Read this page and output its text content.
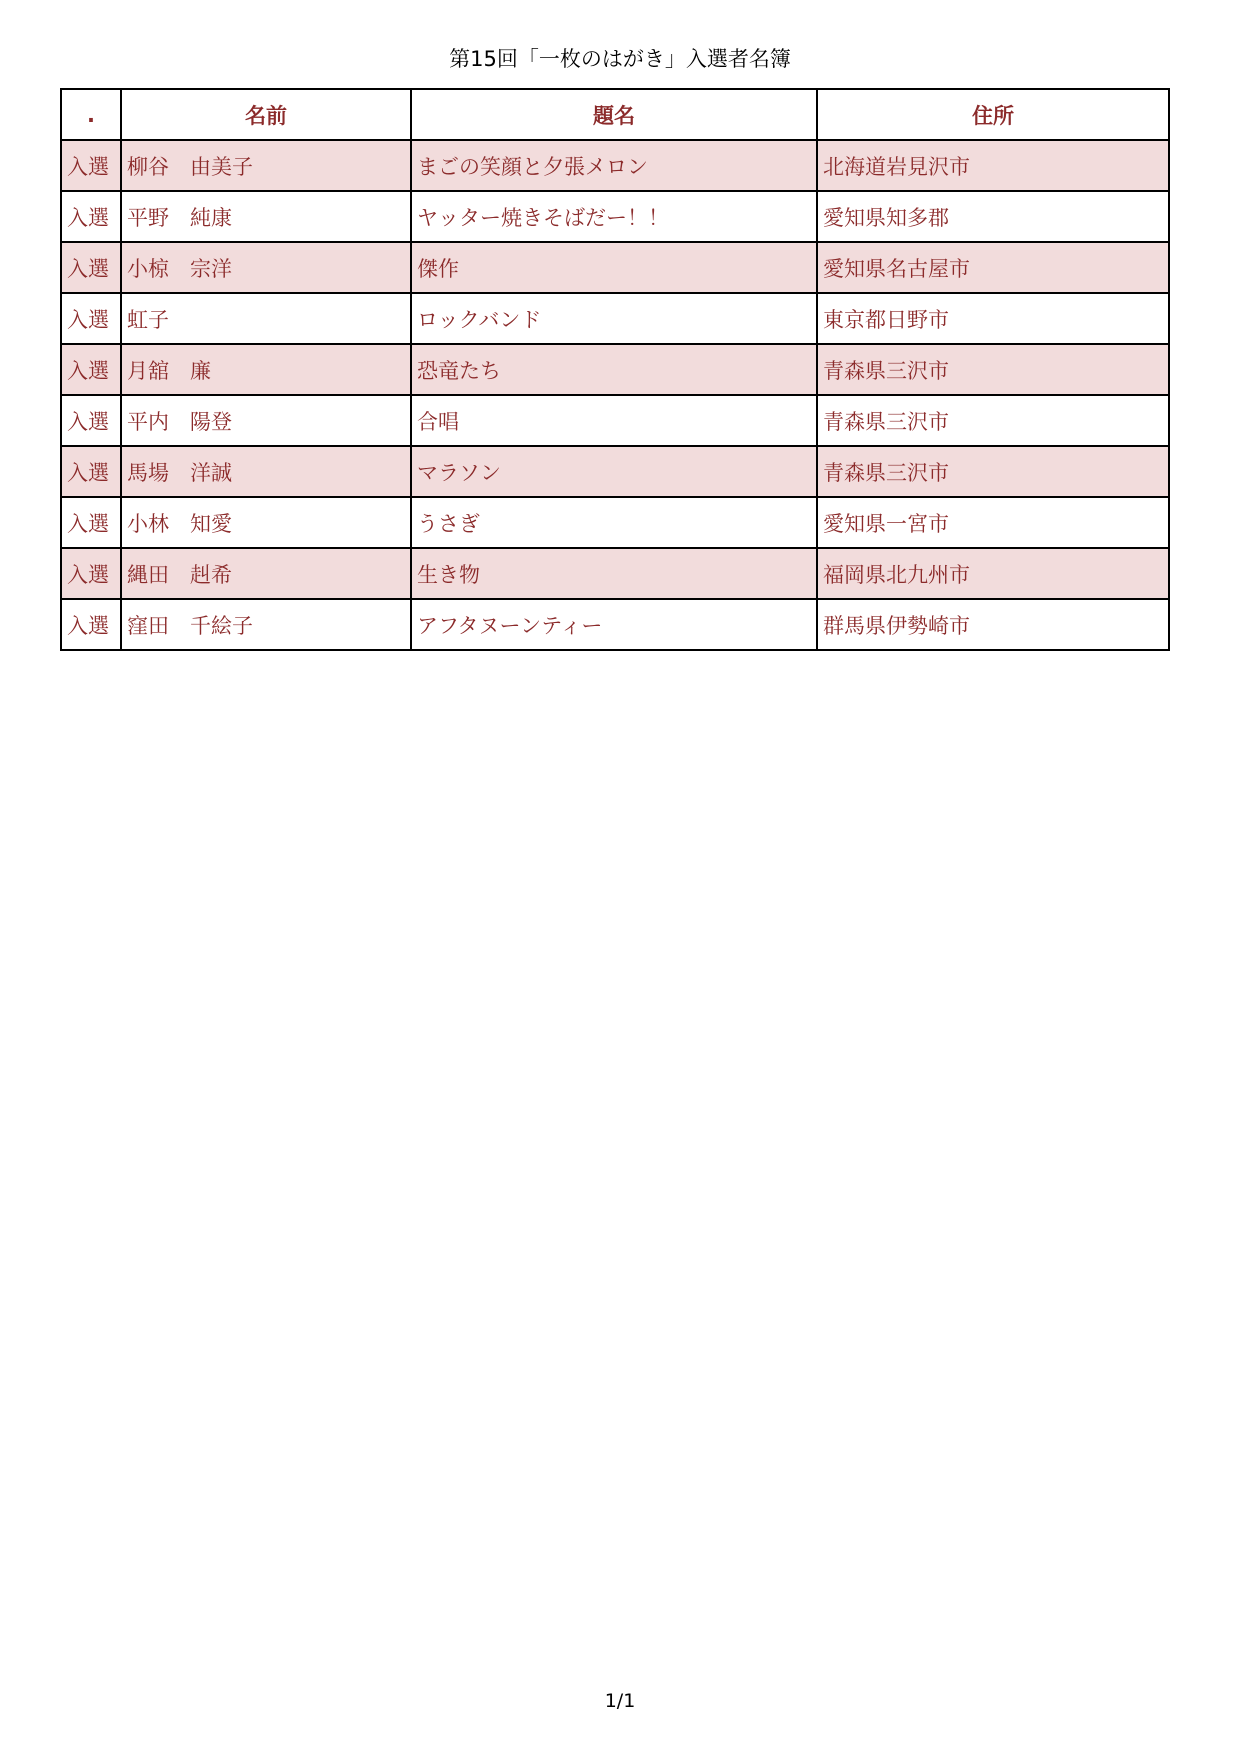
第15回「一枚のはがき」入選者名簿
.	名前	題名	住所
入選	柳谷　由美子	まごの笑顔と夕張メロン	北海道岩見沢市
入選	平野　純康	ヤッター焼きそばだー！！	愛知県知多郡
入選	小椋　宗洋	傑作	愛知県名古屋市
入選	虹子	ロックバンド	東京都日野市
入選	月舘　廉	恐竜たち	青森県三沢市
入選	平内　陽登	合唱	青森県三沢市
入選	馬場　洋誠	マラソン	青森県三沢市
入選	小林　知愛	うさぎ	愛知県一宮市
入選	縄田　赳希	生き物	福岡県北九州市
入選	窪田　千絵子	アフタヌーンティー	群馬県伊勢崎市
1/1
